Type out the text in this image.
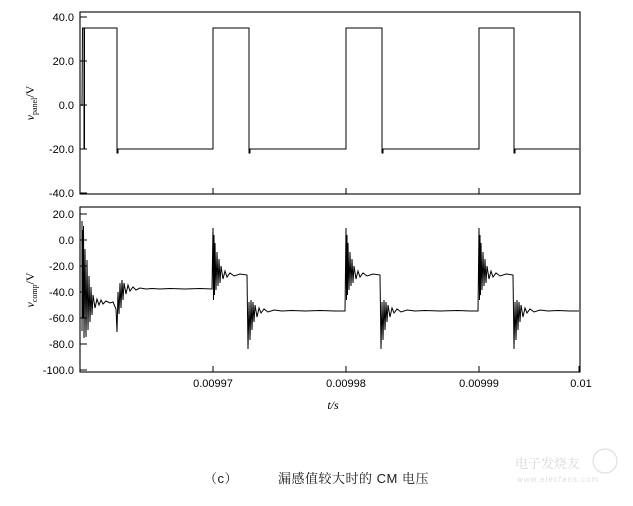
40.0
20.0
0.0
-20.0
-40.0
$v_{panel}/V$
20.0
0.0
-20.0
-40.0
-60.0
-80.0
-100.0
0.00997	0.00998	0.00999	0.01
$v_{comp}/V$
t/s
（c）	漏感值较大时的 CM 电压
电子发烧友
www.elecfans.com
